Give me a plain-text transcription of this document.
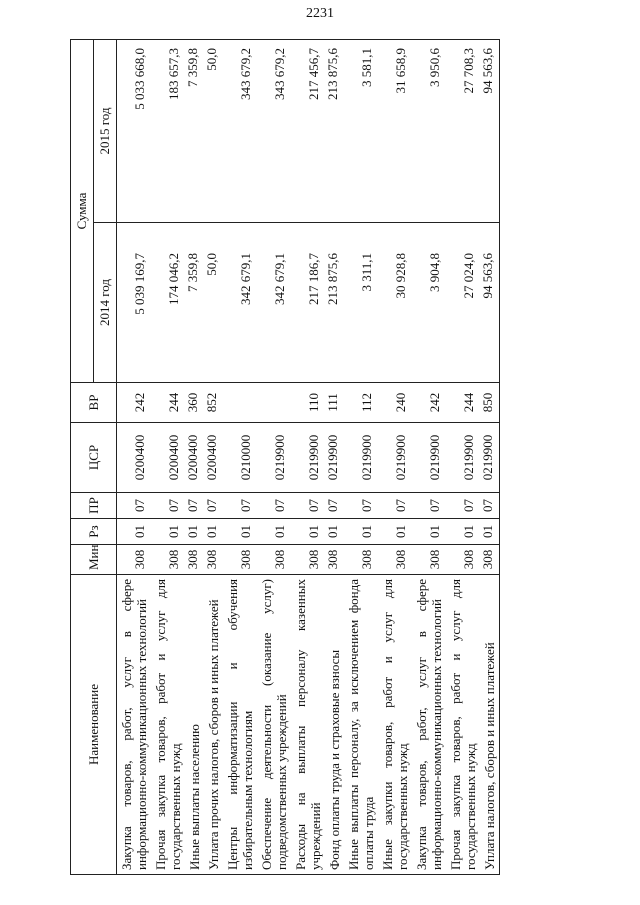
2231
Наименование	Мин	Рз	ПР	ЦСР	ВР	Сумма	
						2014 год	2015 год
Закупка товаров, работ, услуг в сфере информационно-коммуникационных технологий	308	01	07	0200400	242	5 039 169,7	5 033 668,0
Прочая закупка товаров, работ и услуг для государственных нужд	308	01	07	0200400	244	174 046,2	183 657,3
Иные выплаты населению	308	01	07	0200400	360	7 359,8	7 359,8
Уплата прочих налогов, сборов и иных платежей	308	01	07	0200400	852	50,0	50,0
Центры информатизации и обучения избирательным технологиям	308	01	07	0210000		342 679,1	343 679,2
Обеспечение деятельности (оказание услуг) подведомственных учреждений	308	01	07	0219900		342 679,1	343 679,2
Расходы на выплаты персоналу казенных учреждений	308	01	07	0219900	110	217 186,7	217 456,7
Фонд оплаты труда и страховые взносы	308	01	07	0219900	111	213 875,6	213 875,6
Иные выплаты персоналу, за исключением фонда оплаты труда	308	01	07	0219900	112	3 311,1	3 581,1
Иные закупки товаров, работ и услуг для государственных нужд	308	01	07	0219900	240	30 928,8	31 658,9
Закупка товаров, работ, услуг в сфере информационно-коммуникационных технологий	308	01	07	0219900	242	3 904,8	3 950,6
Прочая закупка товаров, работ и услуг для государственных нужд	308	01	07	0219900	244	27 024,0	27 708,3
Уплата налогов, сборов и иных платежей	308	01	07	0219900	850	94 563,6	94 563,6
